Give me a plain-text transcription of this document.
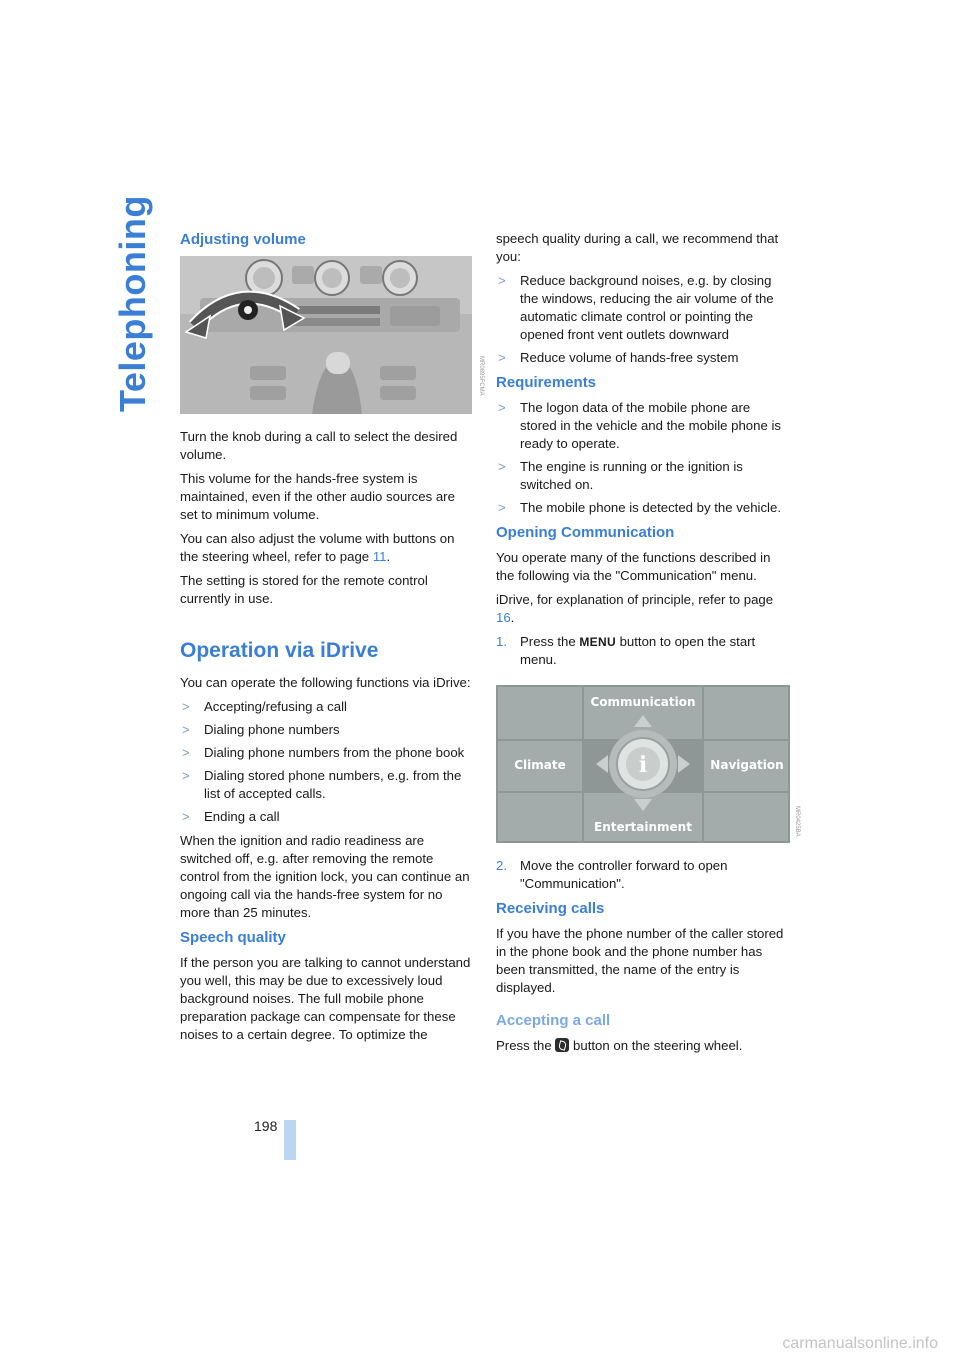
Telephoning Adjusting volume

Turn the knob during a call to select the desired volume.

This volume for the hands-free system is maintained, even if the other audio sources are set to minimum volume.

You can also adjust the volume with buttons on the steering wheel, refer to page 11.

The setting is stored for the remote control currently in use.

Operation via iDrive

You can operate the following functions via iDrive:

> Accepting/refusing a call
> Dialing phone numbers
> Dialing phone numbers from the phone book
> Dialing stored phone numbers, e.g. from the list of accepted calls.
> Ending a call

When the ignition and radio readiness are switched off, e.g. after removing the remote control from the ignition lock, you can continue an ongoing call via the hands-free system for no more than 25 minutes.

Speech quality

If the person you are talking to cannot understand you well, this may be due to excessively loud background noises. The full mobile phone preparation package can compensate for these noises to a certain degree. To optimize the

MR0895FCMA
MR0425BA

speech quality during a call, we recommend that you:

> Reduce background noises, e.g. by closing the windows, reducing the air volume of the automatic climate control or pointing the opened front vent outlets downward
> Reduce volume of hands-free system
Requirements
> The logon data of the mobile phone are stored in the vehicle and the mobile phone is ready to operate.
> The engine is running or the ignition is switched on.
> The mobile phone is detected by the vehicle.
Opening Communication

You operate many of the functions described in the following via the "Communication" menu.

iDrive, for explanation of principle, refer to page 16.

1. Press the MENU button to open the start menu.
Communication
Climate	Navigation
Entertainment
i
2. Move the controller forward to open "Communication".
Receiving calls

If you have the phone number of the caller stored in the phone book and the phone number has been transmitted, the name of the entry is displayed.

Accepting a call

Press the  button on the steering wheel.

198
carmanualsonline.info
